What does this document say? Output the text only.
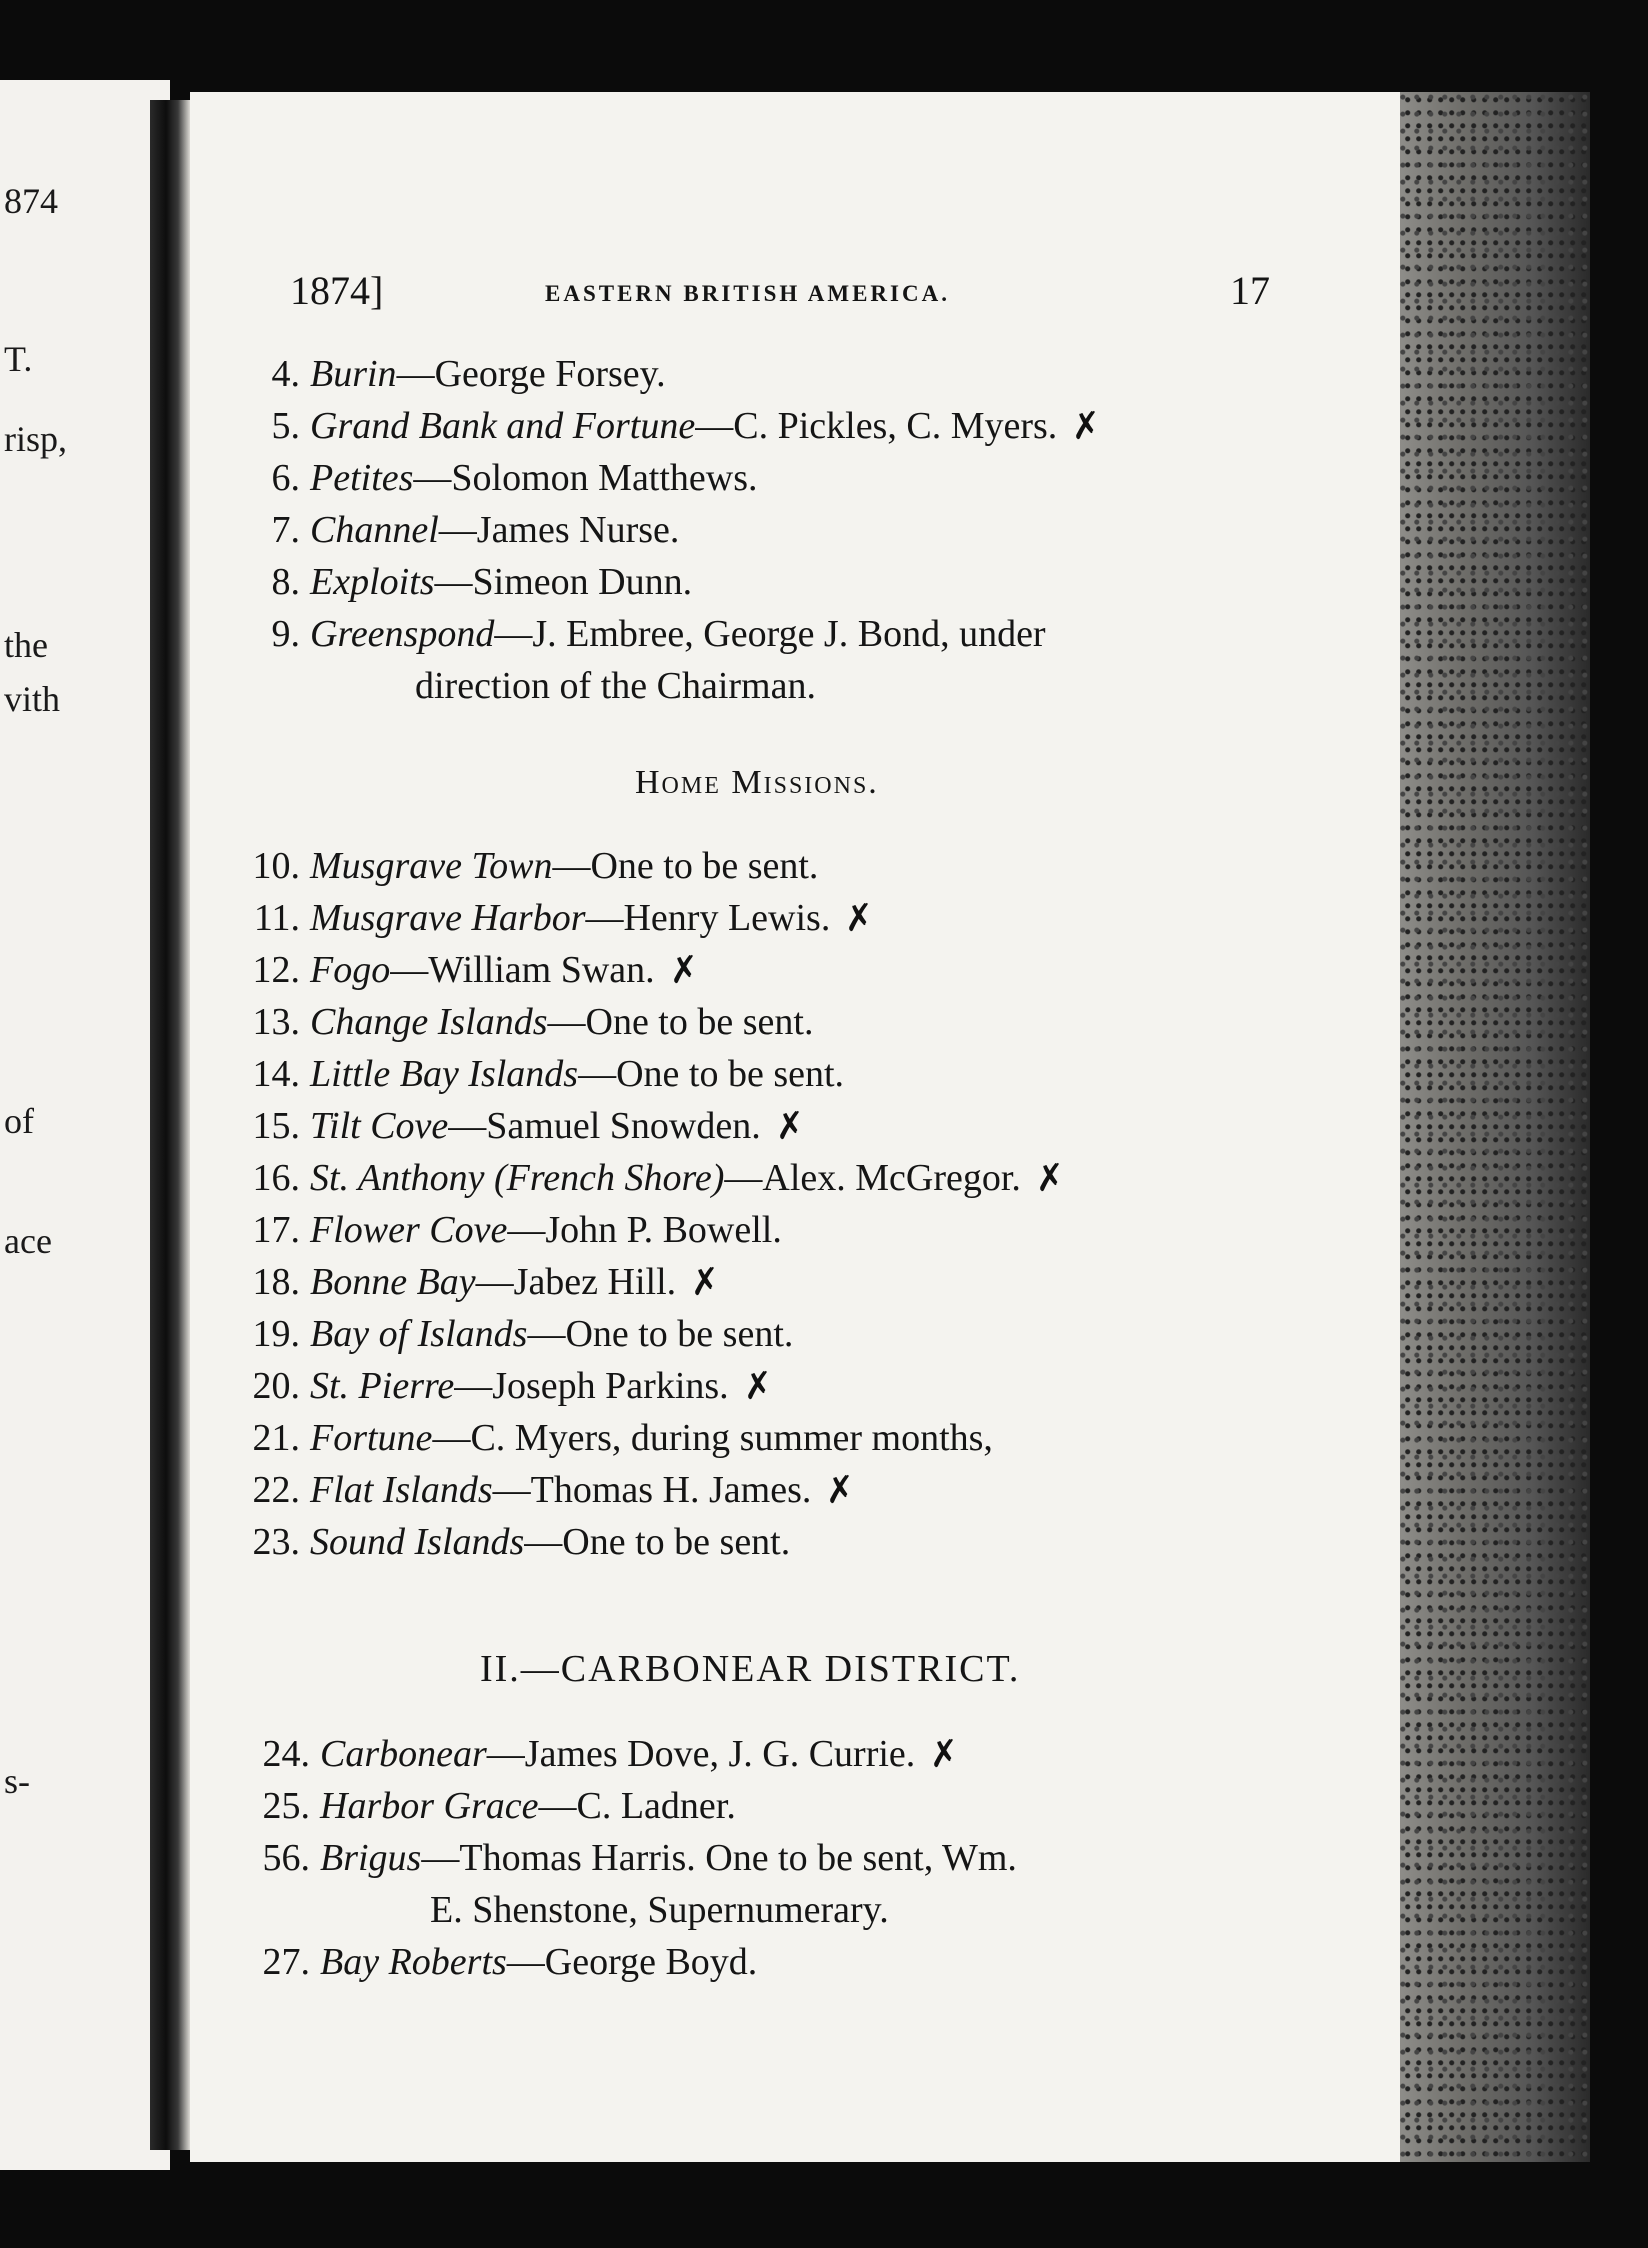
874
T.
risp,
the
vith
of
ace
s-
1874]	EASTERN BRITISH AMERICA.	17
4. Burin—George Forsey.
5. Grand Bank and Fortune—C. Pickles, C. Myers. ✗
6. Petites—Solomon Matthews.
7. Channel—James Nurse.
8. Exploits—Simeon Dunn.
9. Greenspond—J. Embree, George J. Bond, under
direction of the Chairman.
Home Missions.
10. Musgrave Town—One to be sent.
11. Musgrave Harbor—Henry Lewis. ✗
12. Fogo—William Swan. ✗
13. Change Islands—One to be sent.
14. Little Bay Islands—One to be sent.
15. Tilt Cove—Samuel Snowden. ✗
16. St. Anthony (French Shore)—Alex. McGregor. ✗
17. Flower Cove—John P. Bowell.
18. Bonne Bay—Jabez Hill. ✗
19. Bay of Islands—One to be sent.
20. St. Pierre—Joseph Parkins. ✗
21. Fortune—C. Myers, during summer months,
22. Flat Islands—Thomas H. James. ✗
23. Sound Islands—One to be sent.
II.—CARBONEAR DISTRICT.
24. Carbonear—James Dove, J. G. Currie. ✗
25. Harbor Grace—C. Ladner.
56. Brigus—Thomas Harris. One to be sent, Wm.
E. Shenstone, Supernumerary.
27. Bay Roberts—George Boyd.
